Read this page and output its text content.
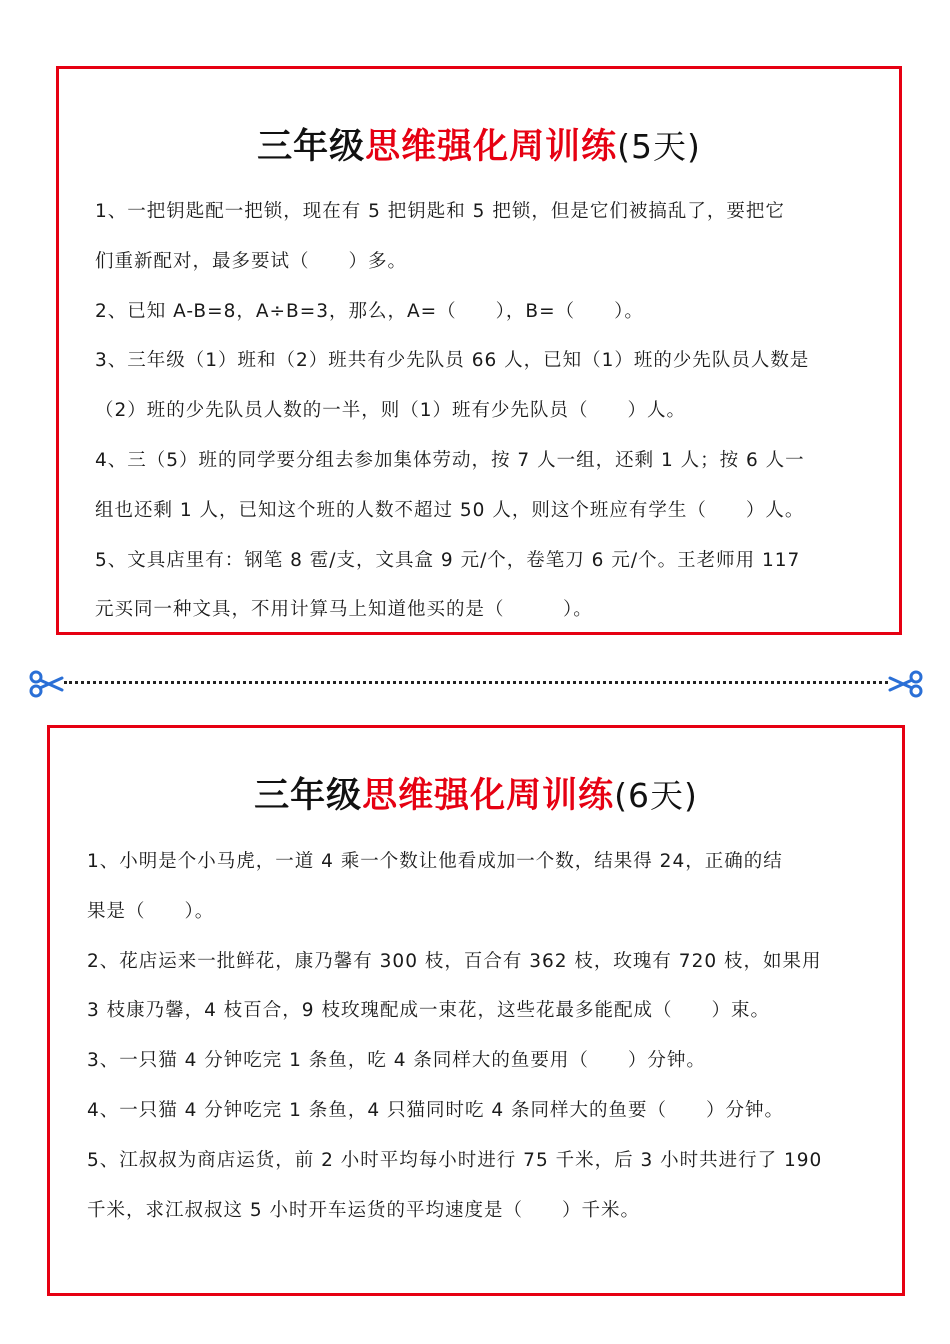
三年级思维强化周训练(5天)
1、一把钥匙配一把锁，现在有 5 把钥匙和 5 把锁，但是它们被搞乱了，要把它
们重新配对，最多要试（　　）多。
2、已知 A-B=8，A÷B=3，那么，A=（　　），B=（　　）。
3、三年级（1）班和（2）班共有少先队员 66 人，已知（1）班的少先队员人数是
（2）班的少先队员人数的一半，则（1）班有少先队员（　　）人。
4、三（5）班的同学要分组去参加集体劳动，按 7 人一组，还剩 1 人；按 6 人一
组也还剩 1 人，已知这个班的人数不超过 50 人，则这个班应有学生（　　）人。
5、文具店里有：钢笔 8 雹/支，文具盒 9 元/个，卷笔刀 6 元/个。王老师用 117
元买同一种文具，不用计算马上知道他买的是（　　　）。
三年级思维强化周训练(6天)
1、小明是个小马虎，一道 4 乘一个数让他看成加一个数，结果得 24，正确的结
果是（　　）。
2、花店运来一批鲜花，康乃馨有 300 枝，百合有 362 枝，玫瑰有 720 枝，如果用
3 枝康乃馨，4 枝百合，9 枝玫瑰配成一束花，这些花最多能配成（　　）束。
3、一只猫 4 分钟吃完 1 条鱼，吃 4 条同样大的鱼要用（　　）分钟。
4、一只猫 4 分钟吃完 1 条鱼，4 只猫同时吃 4 条同样大的鱼要（　　）分钟。
5、江叔叔为商店运货，前 2 小时平均每小时进行 75 千米，后 3 小时共进行了 190
千米，求江叔叔这 5 小时开车运货的平均速度是（　　）千米。
